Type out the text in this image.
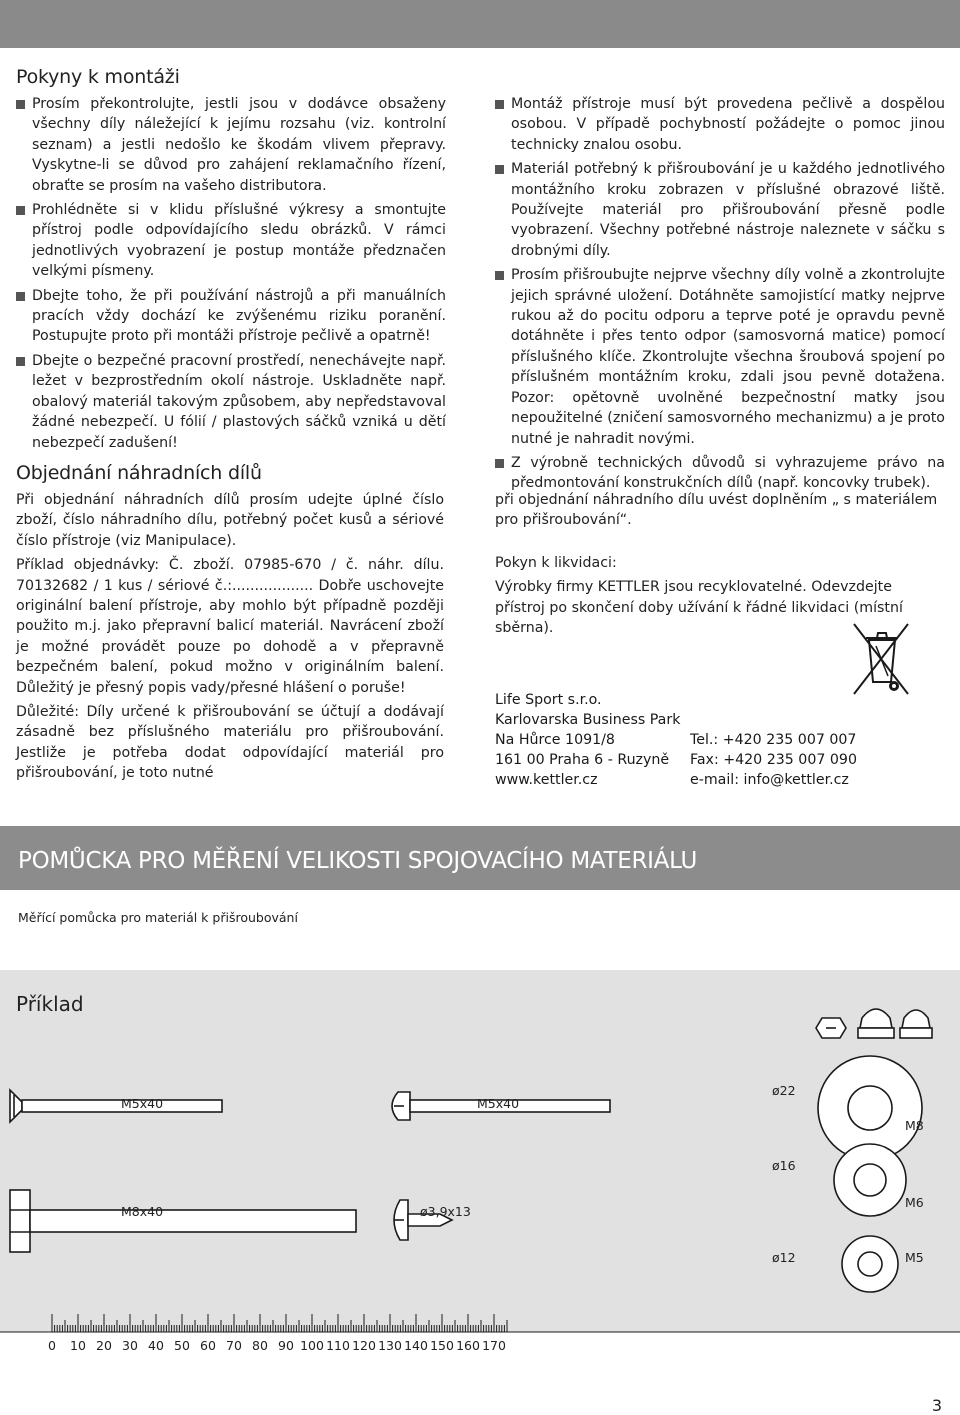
Pokyny k montáži
Prosím překontrolujte, jestli jsou v dodávce obsaženy všechny díly náležející k jejímu rozsahu (viz. kontrolní seznam) a jestli nedošlo ke škodám vlivem přepravy. Vyskytne-li se důvod pro zahájení reklamačního řízení, obraťte se prosím na vašeho distributora.
Prohlédněte si v klidu příslušné výkresy a smontujte přístroj podle odpovídajícího sledu obrázků. V rámci jednotlivých vyobrazení je postup montáže předznačen velkými písmeny.
Dbejte toho, že při používání nástrojů a při manuálních pracích vždy dochází ke zvýšenému riziku poranění. Postupujte proto při montáži přístroje pečlivě a opatrně!
Dbejte o bezpečné pracovní prostředí, nenechávejte např. ležet v bezprostředním okolí nástroje. Uskladněte např. obalový materiál takovým způsobem, aby nepředstavoval žádné nebezpečí. U fólií / plastových sáčků vzniká u dětí nebezpečí zadušení!
Montáž přístroje musí být provedena pečlivě a dospělou osobou. V případě pochybností požádejte o pomoc jinou technicky znalou osobu.
Materiál potřebný k přišroubování je u každého jednotlivého montážního kroku zobrazen v příslušné obrazové liště. Používejte materiál pro přišroubování přesně podle vyobrazení. Všechny potřebné nástroje naleznete v sáčku s drobnými díly.
Prosím přišroubujte nejprve všechny díly volně a zkontrolujte jejich správné uložení. Dotáhněte samojistící matky nejprve rukou až do pocitu odporu a teprve poté je opravdu pevně dotáhněte i přes tento odpor (samosvorná matice) pomocí příslušného klíče. Zkontrolujte všechna šroubová spojení po příslušném montážním kroku, zdali jsou pevně dotažena. Pozor: opětovně uvolněné bezpečnostní matky jsou nepoužitelné (zničení samosvorného mechanizmu) a je proto nutné je nahradit novými.
Z výrobně technických důvodů si vyhrazujeme právo na předmontování konstrukčních dílů (např. koncovky trubek).
Objednání náhradních dílů

Při objednání náhradních dílů prosím udejte úplné číslo zboží, číslo náhradního dílu, potřebný počet kusů a sériové číslo přístroje (viz Manipulace).

Příklad objednávky: Č. zboží. 07985-670 / č. náhr. dílu. 70132682 / 1 kus / sériové č.:.................. Dobře uschovejte originální balení přístroje, aby mohlo být případně později použito m.j. jako přepravní balicí materiál. Navrácení zboží je možné provádět pouze po dohodě a v přepravně bezpečném balení, pokud možno v originálním balení. Důležitý je přesný popis vady/přesné hlášení o poruše!

Důležité: Díly určené k přišroubování se účtují a dodávají zásadně bez příslušného materiálu pro přišroubování. Jestliže je potřeba dodat odpovídající materiál pro přišroubování, je toto nutné

při objednání náhradního dílu uvést doplněním „ s materiálem pro přišroubování“.

Pokyn k likvidaci:

Výrobky firmy KETTLER jsou recyklovatelné. Odevzdejte přístroj po skončení doby užívání k řádné likvidaci (místní sběrna).

Life Sport s.r.o.
Karlovarska Business Park
Na Hůrce 1091/8	Tel.: +420 235 007 007
161 00 Praha 6 - Ruzyně Fax: +420 235 007 090
www.kettler.cz	e-mail: info@kettler.cz
POMŮCKA PRO MĚŘENÍ VELIKOSTI SPOJOVACÍHO MATERIÁLU
Měřící pomůcka pro materiál k přišroubování
Příklad
M5x40	M5x40
M8x40	ø3,9x13
ø22
ø16
ø12
M8
M6
M5
0 10 20 30 40 50 60 70 80 90 100 110 120 130 140 150 160 170
3
